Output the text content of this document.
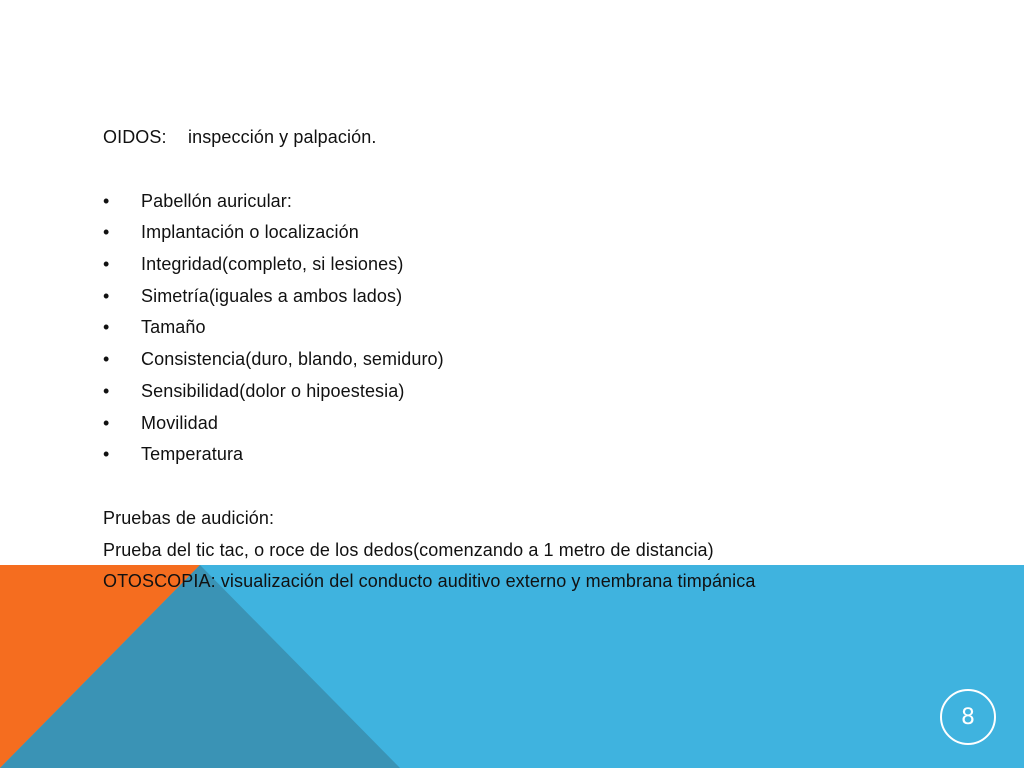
OIDOS:	inspección y palpación.
•	Pabellón auricular:
•	Implantación o localización
•	Integridad(completo, si lesiones)
•	Simetría(iguales a ambos lados)
•	Tamaño
•	Consistencia(duro, blando, semiduro)
•	Sensibilidad(dolor o hipoestesia)
•	Movilidad
•	Temperatura
Pruebas de audición:
Prueba del tic tac, o roce de los dedos(comenzando a 1 metro de distancia)
OTOSCOPIA: visualización del conducto auditivo externo y membrana timpánica
8
